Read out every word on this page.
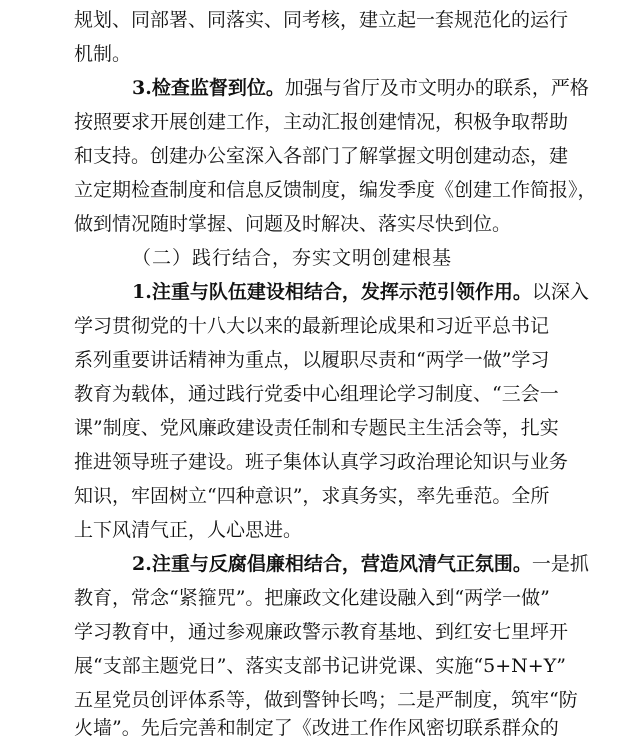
规划、同部署、同落实、同考核，建立起一套规范化的运行
机制。
3.检查监督到位。加强与省厅及市文明办的联系，严格
按照要求开展创建工作，主动汇报创建情况，积极争取帮助
和支持。创建办公室深入各部门了解掌握文明创建动态，建
立定期检查制度和信息反馈制度，编发季度《创建工作简报》，
做到情况随时掌握、问题及时解决、落实尽快到位。
（二）践行结合，夯实文明创建根基
1.注重与队伍建设相结合，发挥示范引领作用。以深入
学习贯彻党的十八大以来的最新理论成果和习近平总书记
系列重要讲话精神为重点，以履职尽责和“两学一做”学习
教育为载体，通过践行党委中心组理论学习制度、“三会一
课”制度、党风廉政建设责任制和专题民主生活会等，扎实
推进领导班子建设。班子集体认真学习政治理论知识与业务
知识，牢固树立“四种意识”，求真务实，率先垂范。全所
上下风清气正，人心思进。
2.注重与反腐倡廉相结合，营造风清气正氛围。一是抓
教育，常念“紧箍咒”。把廉政文化建设融入到“两学一做”
学习教育中，通过参观廉政警示教育基地、到红安七里坪开
展“支部主题党日”、落实支部书记讲党课、实施“5+N+Y”
五星党员创评体系等，做到警钟长鸣；二是严制度，筑牢“防
火墙”。先后完善和制定了《改进工作作风密切联系群众的
